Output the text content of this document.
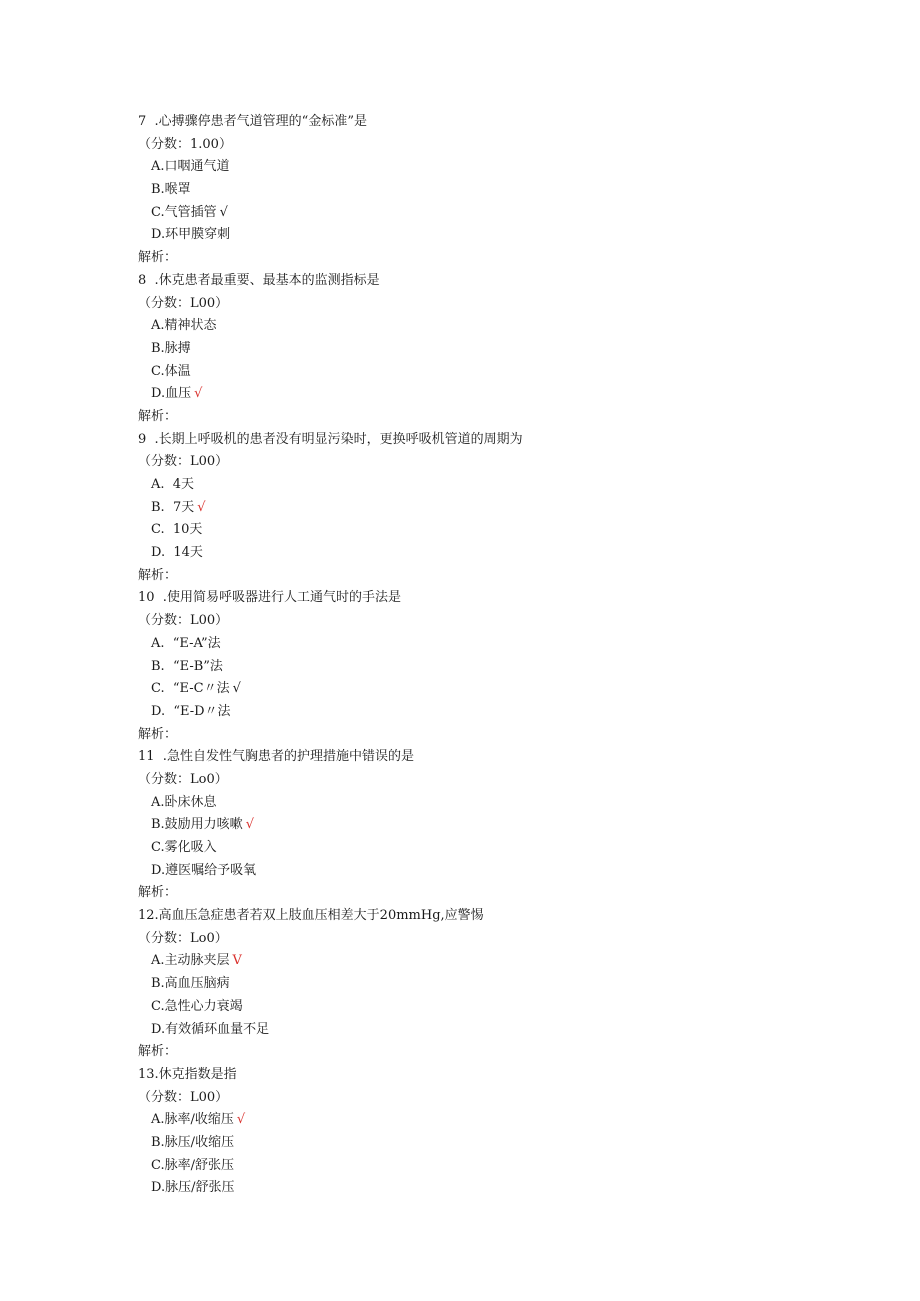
7  .心搏骤停患者气道管理的“金标准”是
（分数：1.00）
A.口咽通气道
B.喉罩
C.气管插管 √
D.环甲膜穿刺
解析：
8  .休克患者最重要、最基本的监测指标是
（分数：L00）
A.精神状态
B.脉搏
C.体温
D.血压 √
解析：
9  .长期上呼吸机的患者没有明显污染时，更换呼吸机管道的周期为
（分数：L00）
A.  4天
B.  7天 √
C.  10天
D.  14天
解析：
10  .使用简易呼吸器进行人工通气时的手法是
（分数：L00）
A.  “E-A”法
B.  “E-B”法
C.  “E-C〃法 √
D.  “E-D〃法
解析：
11  .急性自发性气胸患者的护理措施中错误的是
（分数：Lo0）
A.卧床休息
B.鼓励用力咳嗽 √
C.雾化吸入
D.遵医嘱给予吸氧
解析：
12.高血压急症患者若双上肢血压相差大于20mmHg,应警惕
（分数：Lo0）
A.主动脉夹层 V
B.高血压脑病
C.急性心力衰竭
D.有效循环血量不足
解析：
13.休克指数是指
（分数：L00）
A.脉率/收缩压 √
B.脉压/收缩压
C.脉率/舒张压
D.脉压/舒张压
